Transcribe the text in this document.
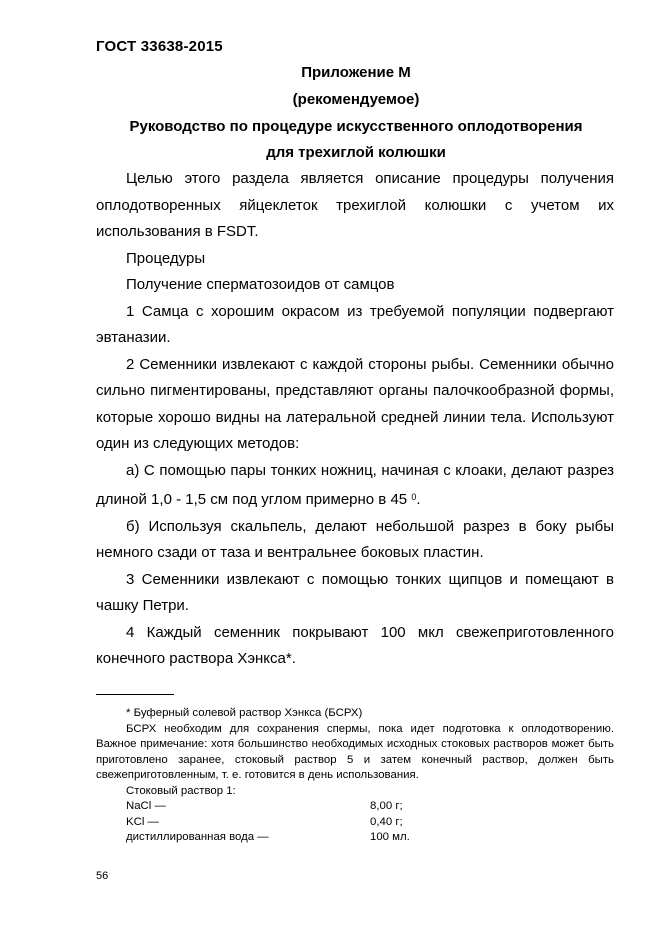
ГОСТ 33638-2015
Приложение М
(рекомендуемое)
Руководство по процедуре искусственного оплодотворения
для трехиглой колюшки

Целью этого раздела является описание процедуры получения оплодотворенных яйцеклеток трехиглой колюшки с учетом их использования в FSDT.

Процедуры

Получение сперматозоидов от самцов

1 Самца с хорошим окрасом из требуемой популяции подвергают эвтаназии.

2 Семенники извлекают с каждой стороны рыбы. Семенники обычно сильно пигментированы, представляют органы палочкообразной формы, которые хорошо видны на латеральной средней линии тела. Используют один из следующих методов:

а) С помощью пары тонких ножниц, начиная с клоаки, делают разрез длиной 1,0 - 1,5 см под углом примерно в 45 $^0$.

б) Используя скальпель, делают небольшой разрез в боку рыбы немного сзади от таза и вентральнее боковых пластин.

3 Семенники извлекают с помощью тонких щипцов и помещают в чашку Петри.

4 Каждый семенник покрывают 100 мкл свежеприготовленного конечного раствора Хэнкса*.

* Буферный солевой раствор Хэнкса (БСРХ)

БСРХ необходим для сохранения спермы, пока идет подготовка к оплодотворению. Важное примечание: хотя большинство необходимых исходных стоковых растворов может быть приготовлено заранее, стоковый раствор 5 и затем конечный раствор, должен быть свежеприготовленным, т. е. готовится в день использования.

Стоковый раствор 1:

NaCl —	8,00 г;
KCl —	0,40 г;
дистиллированная вода —	100 мл.
56
